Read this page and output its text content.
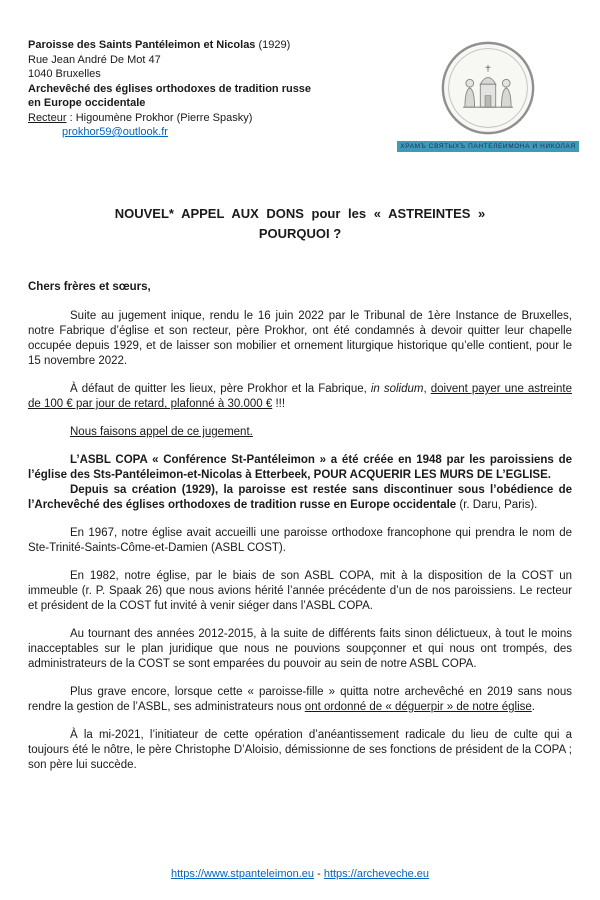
Paroisse des Saints Pantéleimon et Nicolas (1929)

Rue Jean André De Mot 47

1040 Bruxelles

Archevêché des églises orthodoxes de tradition russe

en Europe occidentale

Recteur : Higoumène Prokhor (Pierre Spasky)

prokhor59@outlook.fr

ХРАМЪ СВЯТЫХЪ ПАНТЕЛЕИМОНА И НИКОЛАЯ

NOUVEL* APPEL AUX DONS pour les « ASTREINTES »

POURQUOI ?

Chers frères et sœurs,

Suite au jugement inique, rendu le 16 juin 2022 par le Tribunal de 1ère Instance de Bruxelles, notre Fabrique d’église et son recteur, père Prokhor, ont été condamnés à devoir quitter leur chapelle occupée depuis 1929, et de laisser son mobilier et ornement liturgique historique qu’elle contient, pour le 15 novembre 2022.

À défaut de quitter les lieux, père Prokhor et la Fabrique, in solidum, doivent payer une astreinte de 100 € par jour de retard, plafonné à 30.000 € !!!

Nous faisons appel de ce jugement.

L’ASBL COPA « Conférence St-Pantéleimon » a été créée en 1948 par les paroissiens de l’église des Sts-Pantéleimon-et-Nicolas à Etterbeek, POUR ACQUERIR LES MURS DE L’EGLISE.

Depuis sa création (1929), la paroisse est restée sans discontinuer sous l’obédience de l’Archevêché des églises orthodoxes de tradition russe en Europe occidentale (r. Daru, Paris).

En 1967, notre église avait accueilli une paroisse orthodoxe francophone qui prendra le nom de Ste-Trinité-Saints-Côme-et-Damien (ASBL COST).

En 1982, notre église, par le biais de son ASBL COPA, mit à la disposition de la COST un immeuble (r. P. Spaak 26) que nous avions hérité l’année précédente d’un de nos paroissiens. Le recteur et président de la COST fut invité à venir siéger dans l’ASBL COPA.

Au tournant des années 2012-2015, à la suite de différents faits sinon délictueux, à tout le moins inacceptables sur le plan juridique que nous ne pouvions soupçonner et qui nous ont trompés, des administrateurs de la COST se sont emparées du pouvoir au sein de notre ASBL COPA.

Plus grave encore, lorsque cette « paroisse-fille » quitta notre archevêché en 2019 sans nous rendre la gestion de l’ASBL, ses administrateurs nous ont ordonné de « déguerpir » de notre église.

À la mi-2021, l’initiateur de cette opération d’anéantissement radicale du lieu de culte qui a toujours été le nôtre, le père Christophe D’Aloisio, démissionne de ses fonctions de président de la COPA ; son père lui succède.

https://www.stpanteleimon.eu - https://archeveche.eu
